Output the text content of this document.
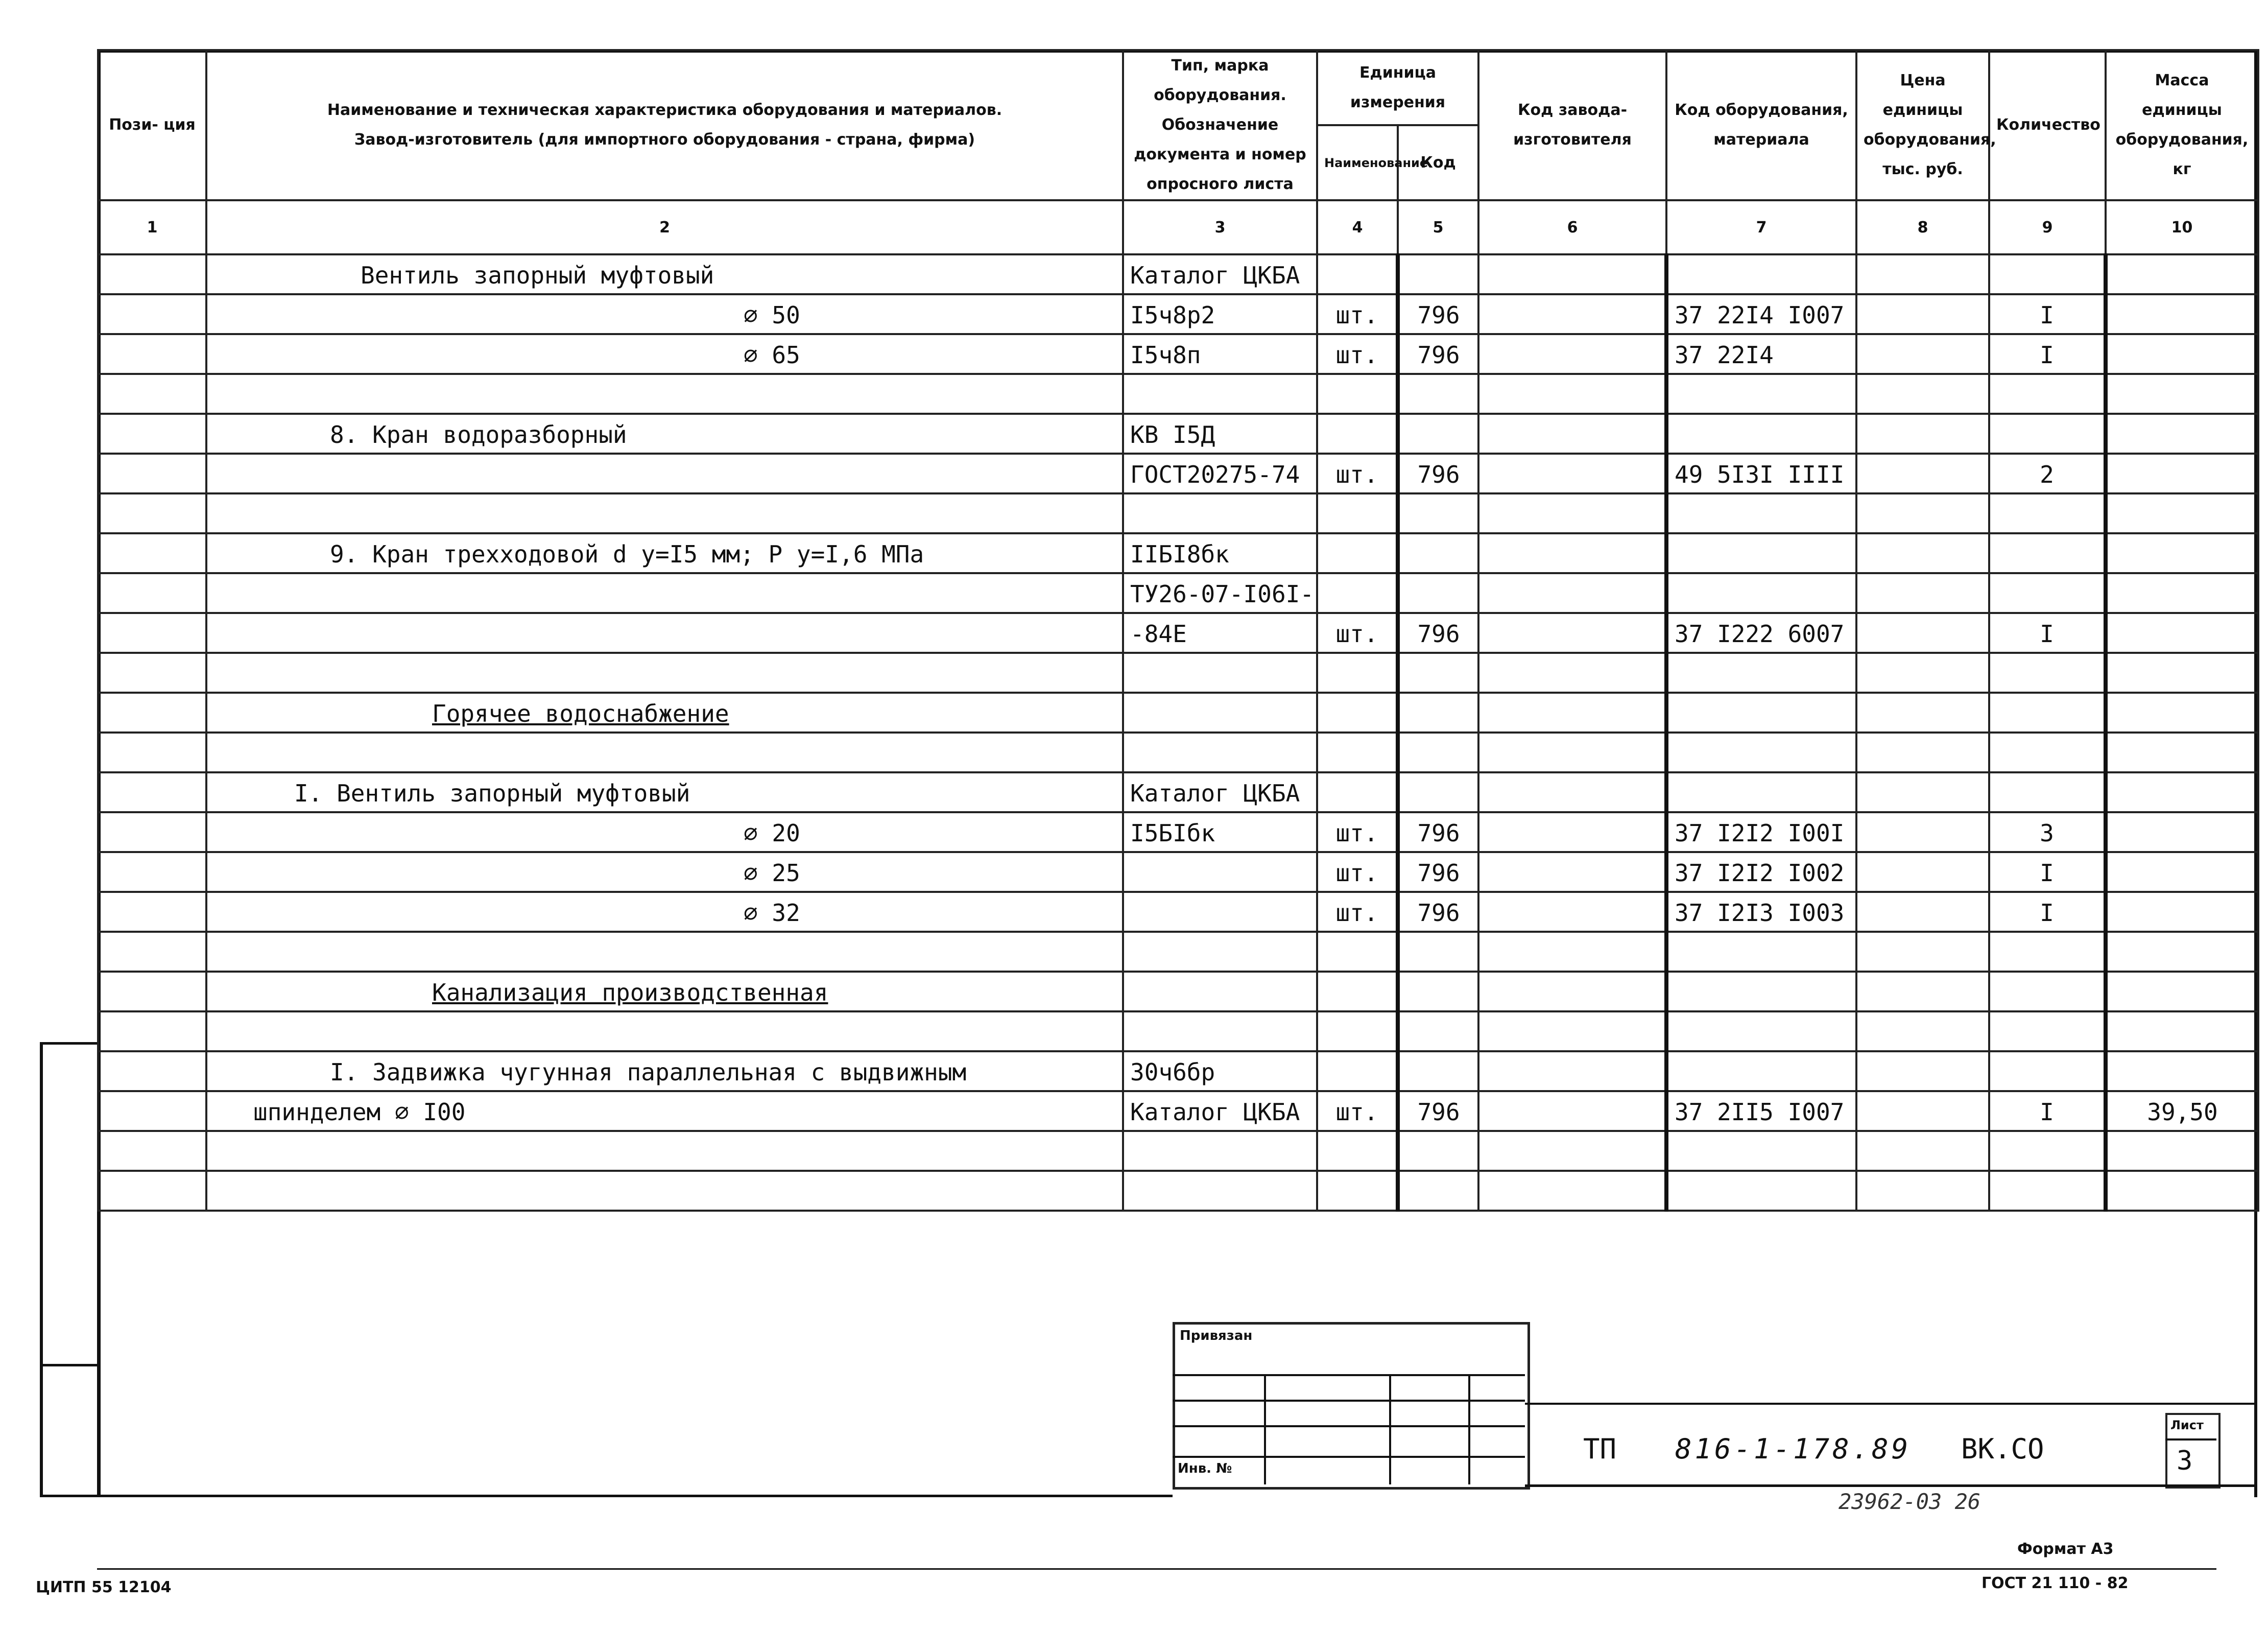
Пози- ция	Наименование и техническая характеристика оборудования и материалов.
Завод-изготовитель (для импортного оборудования - страна, фирма)	Тип, марка оборудования. Обозначение документа и номер опросного листа	Единица измерения		Код завода-изготовителя	Код оборудования, материала	Цена единицы оборудования, тыс. руб.	Количество	Масса единицы оборудования, кг
			Наименование	Код					
1	2	3	4	5	6	7	8	9	10
	Вентиль запорный муфтовый	Каталог ЦКБА							
	⌀ 50	I5ч8р2	шт.	796		37 22I4 I007		I	
	⌀ 65	I5ч8п	шт.	796		37 22I4		I	

	8. Кран водоразборный	КВ I5Д							
		ГОСТ20275-74	шт.	796		49 5I3I IIII		2	

	9. Кран трехходовой d y=I5 мм; P y=I,6 МПа	IIБI8бк							
		ТУ26-07-I06I-							
		-84Е	шт.	796		37 I222 6007		I	

	Горячее водоснабжение								

	I. Вентиль запорный муфтовый	Каталог ЦКБА							
	⌀ 20	I5БIбк	шт.	796		37 I2I2 I00I		3	
	⌀ 25		шт.	796		37 I2I2 I002		I	
	⌀ 32		шт.	796		37 I2I3 I003		I	

	Канализация производственная								

	I. Задвижка чугунная параллельная с выдвижным	30ч6бр							
	шпинделем ⌀ I00	Каталог ЦКБА	шт.	796		37 2II5 I007		I	39,50

Привязан
Инв. №
ТП 816-1-178.89 ВК.СО
Лист
3
23962-03 26
Формат А3
ГОСТ 21 110 - 82
ЦИТП 55 12104
